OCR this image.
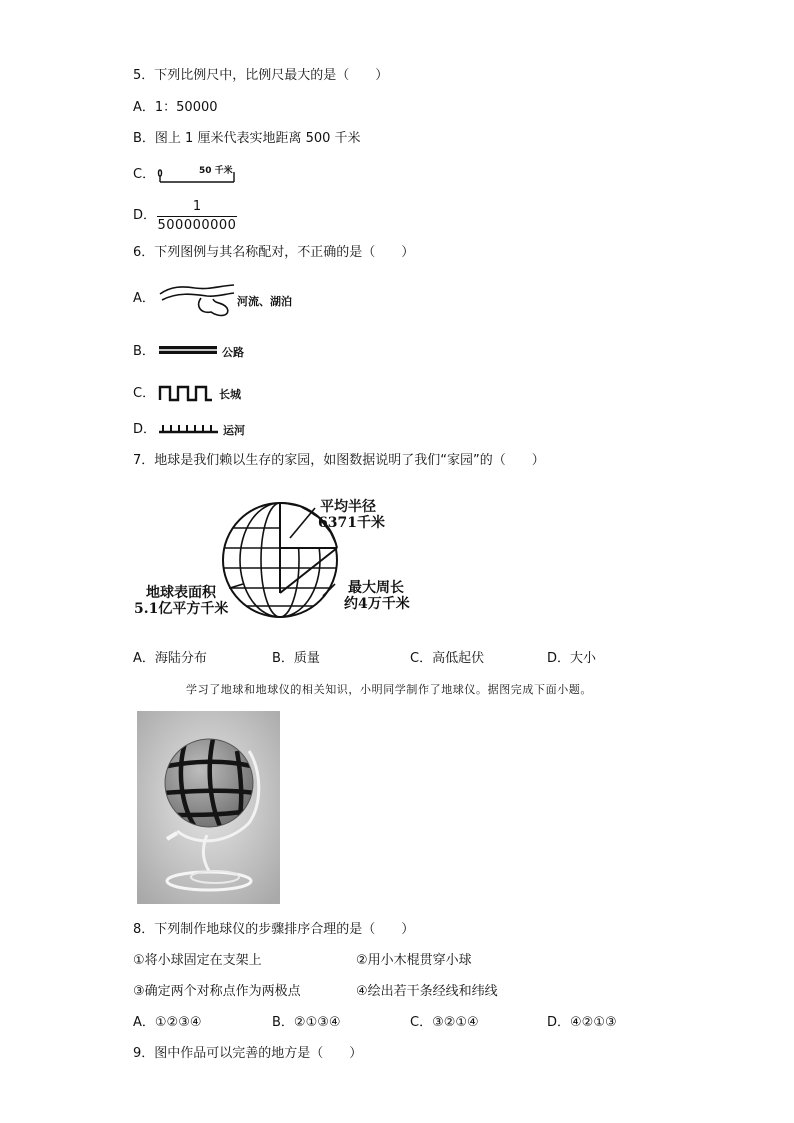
5．下列比例尺中，比例尺最大的是（　　）
A．1：50000
B．图上 1 厘米代表实地距离 500 千米
C．	50 千米
D．
1
500000000
6．下列图例与其名称配对，不正确的是（　　）
A．	河流、湖泊
B．	公路
C．	长城
D．	运河
7．地球是我们赖以生存的家园，如图数据说明了我们“家园”的（　　）
平均半径
6371千米
最大周长
约4万千米
地球表面积
5.1亿平方千米
A．海陆分布	B．质量	C．高低起伏	D．大小
学习了地球和地球仪的相关知识，小明同学制作了地球仪。据图完成下面小题。
8．下列制作地球仪的步骤排序合理的是（　　）
①将小球固定在支架上	②用小木棍贯穿小球
③确定两个对称点作为两极点	④绘出若干条经线和纬线
A．①②③④	B．②①③④	C．③②①④	D．④②①③
9．图中作品可以完善的地方是（　　）
